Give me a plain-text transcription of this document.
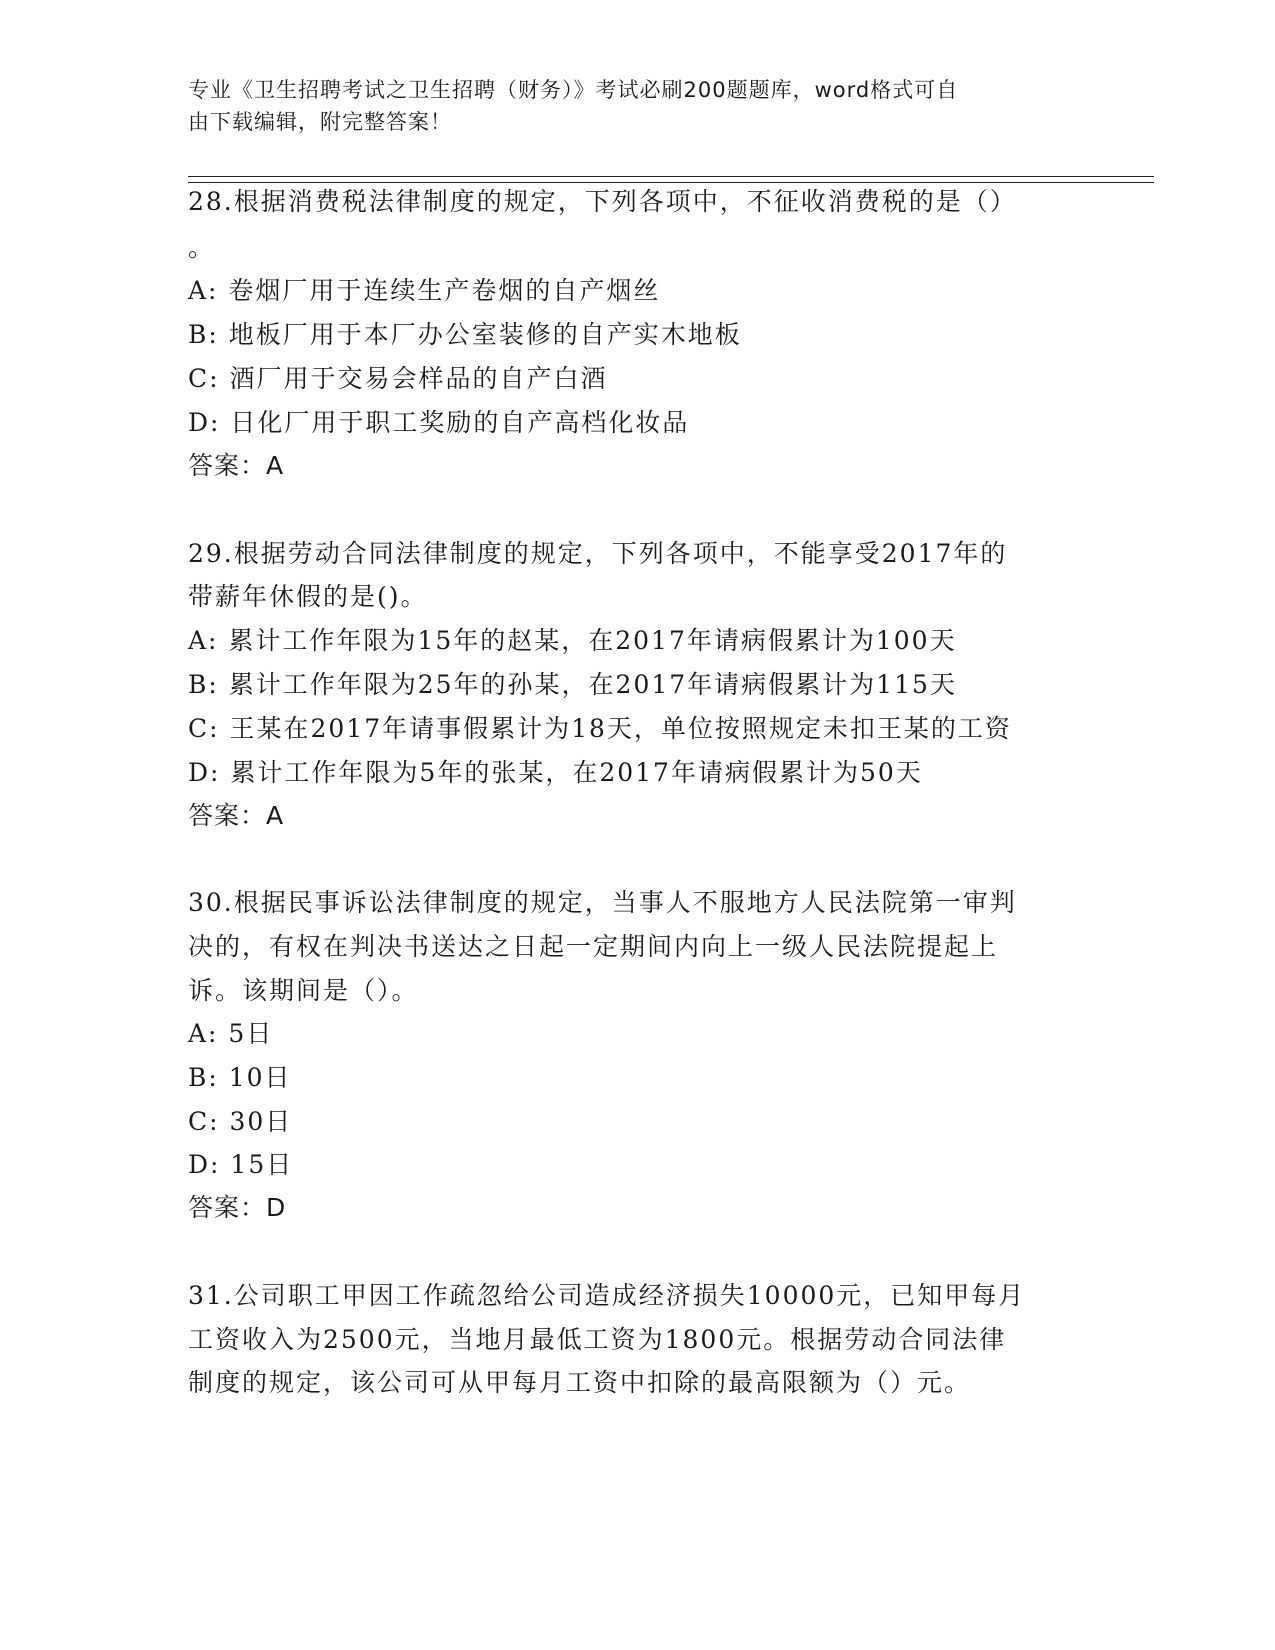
专业《卫生招聘考试之卫生招聘（财务）》考试必刷200题题库，word格式可自
由下载编辑，附完整答案！
28.根据消费税法律制度的规定，下列各项中，不征收消费税的是（）
。
A: 卷烟厂用于连续生产卷烟的自产烟丝
B: 地板厂用于本厂办公室装修的自产实木地板
C: 酒厂用于交易会样品的自产白酒
D: 日化厂用于职工奖励的自产高档化妆品
答案：A
29.根据劳动合同法律制度的规定，下列各项中，不能享受2017年的
带薪年休假的是()。
A: 累计工作年限为15年的赵某，在2017年请病假累计为100天
B: 累计工作年限为25年的孙某，在2017年请病假累计为115天
C: 王某在2017年请事假累计为18天，单位按照规定未扣王某的工资
D: 累计工作年限为5年的张某，在2017年请病假累计为50天
答案：A
30.根据民事诉讼法律制度的规定，当事人不服地方人民法院第一审判
决的，有权在判决书送达之日起一定期间内向上一级人民法院提起上
诉。该期间是（）。
A: 5日
B: 10日
C: 30日
D: 15日
答案：D
31.公司职工甲因工作疏忽给公司造成经济损失10000元，已知甲每月
工资收入为2500元，当地月最低工资为1800元。根据劳动合同法律
制度的规定，该公司可从甲每月工资中扣除的最高限额为（）元。
